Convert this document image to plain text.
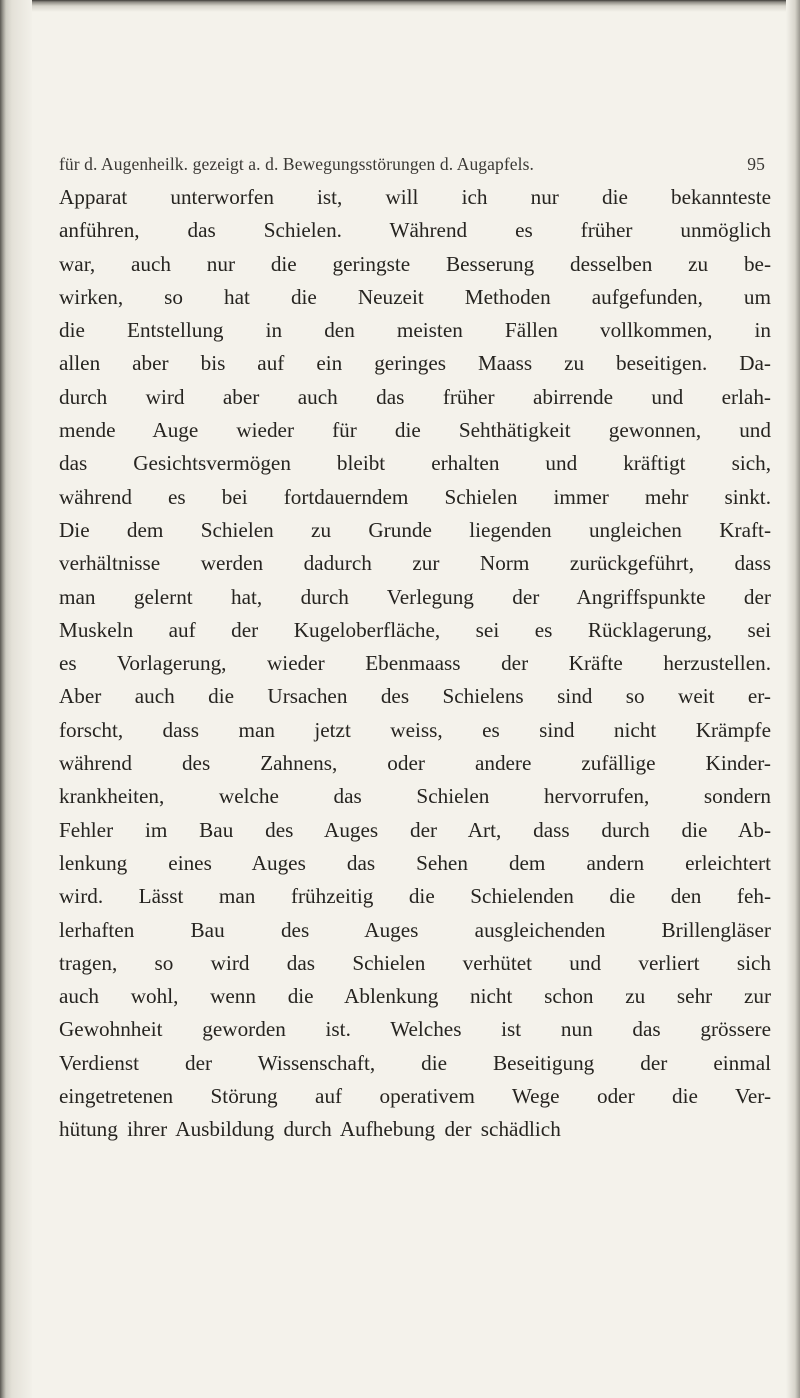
für d. Augenheilk. gezeigt a. d. Bewegungsstörungen d. Augapfels.	95
Apparat unterworfen ist, will ich nur die bekannteste
anführen, das Schielen. Während es früher unmöglich
war, auch nur die geringste Besserung desselben zu be-
wirken, so hat die Neuzeit Methoden aufgefunden, um
die Entstellung in den meisten Fällen vollkommen, in
allen aber bis auf ein geringes Maass zu beseitigen. Da-
durch wird aber auch das früher abirrende und erlah-
mende Auge wieder für die Sehthätigkeit gewonnen, und
das Gesichtsvermögen bleibt erhalten und kräftigt sich,
während es bei fortdauerndem Schielen immer mehr sinkt.
Die dem Schielen zu Grunde liegenden ungleichen Kraft-
verhältnisse werden dadurch zur Norm zurückgeführt, dass
man gelernt hat, durch Verlegung der Angriffspunkte der
Muskeln auf der Kugeloberfläche, sei es Rücklagerung, sei
es Vorlagerung, wieder Ebenmaass der Kräfte herzustellen.
Aber auch die Ursachen des Schielens sind so weit er-
forscht, dass man jetzt weiss, es sind nicht Krämpfe
während des Zahnens, oder andere zufällige Kinder-
krankheiten, welche das Schielen hervorrufen, sondern
Fehler im Bau des Auges der Art, dass durch die Ab-
lenkung eines Auges das Sehen dem andern erleichtert
wird. Lässt man frühzeitig die Schielenden die den feh-
lerhaften Bau des Auges ausgleichenden Brillengläser
tragen, so wird das Schielen verhütet und verliert sich
auch wohl, wenn die Ablenkung nicht schon zu sehr zur
Gewohnheit geworden ist. Welches ist nun das grössere
Verdienst der Wissenschaft, die Beseitigung der einmal
eingetretenen Störung auf operativem Wege oder die Ver-
hütung ihrer Ausbildung durch Aufhebung der schädlich
